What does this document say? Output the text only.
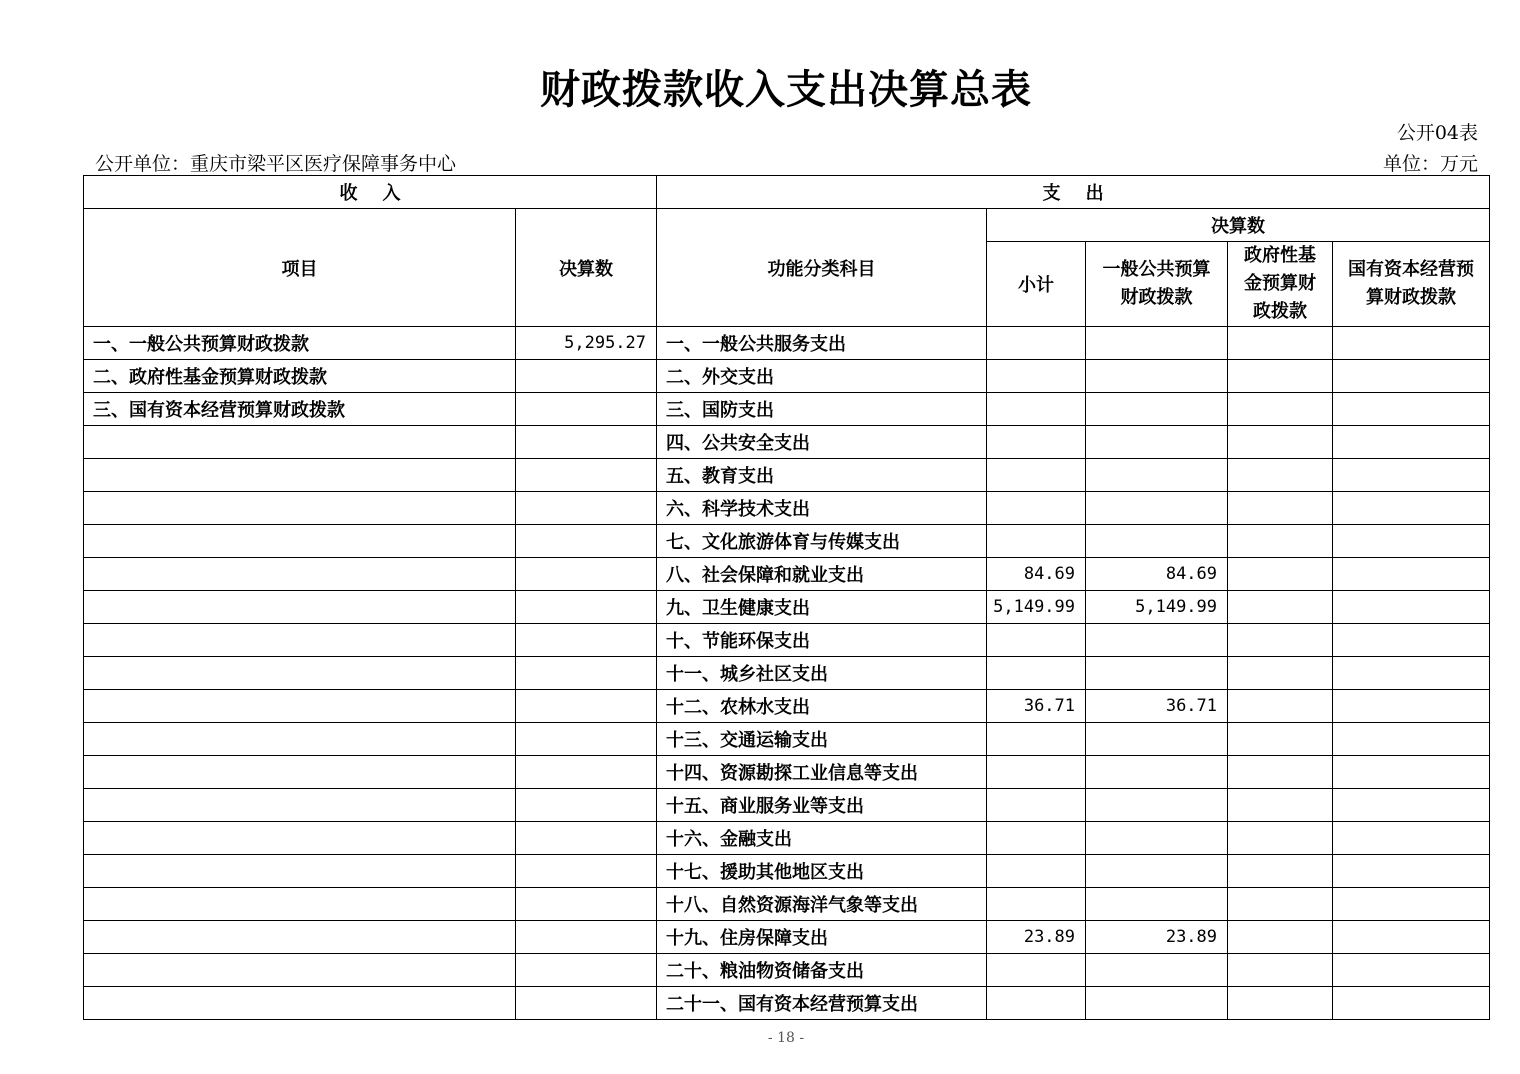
财政拨款收入支出决算总表
公开04表
公开单位：重庆市梁平区医疗保障事务中心	单位：万元
收    入		支    出				
项目	决算数	功能分类科目	决算数			
			小计	一般公共预算财政拨款	政府性基金预算财政拨款	国有资本经营预算财政拨款
一、一般公共预算财政拨款	5,295.27	一、一般公共服务支出				
二、政府性基金预算财政拨款		二、外交支出				
三、国有资本经营预算财政拨款		三、国防支出				
		四、公共安全支出				
		五、教育支出				
		六、科学技术支出				
		七、文化旅游体育与传媒支出				
		八、社会保障和就业支出	84.69	84.69		
		九、卫生健康支出	5,149.99	5,149.99		
		十、节能环保支出				
		十一、城乡社区支出				
		十二、农林水支出	36.71	36.71		
		十三、交通运输支出				
		十四、资源勘探工业信息等支出				
		十五、商业服务业等支出				
		十六、金融支出				
		十七、援助其他地区支出				
		十八、自然资源海洋气象等支出				
		十九、住房保障支出	23.89	23.89		
		二十、粮油物资储备支出				
		二十一、国有资本经营预算支出				
- 18 -
